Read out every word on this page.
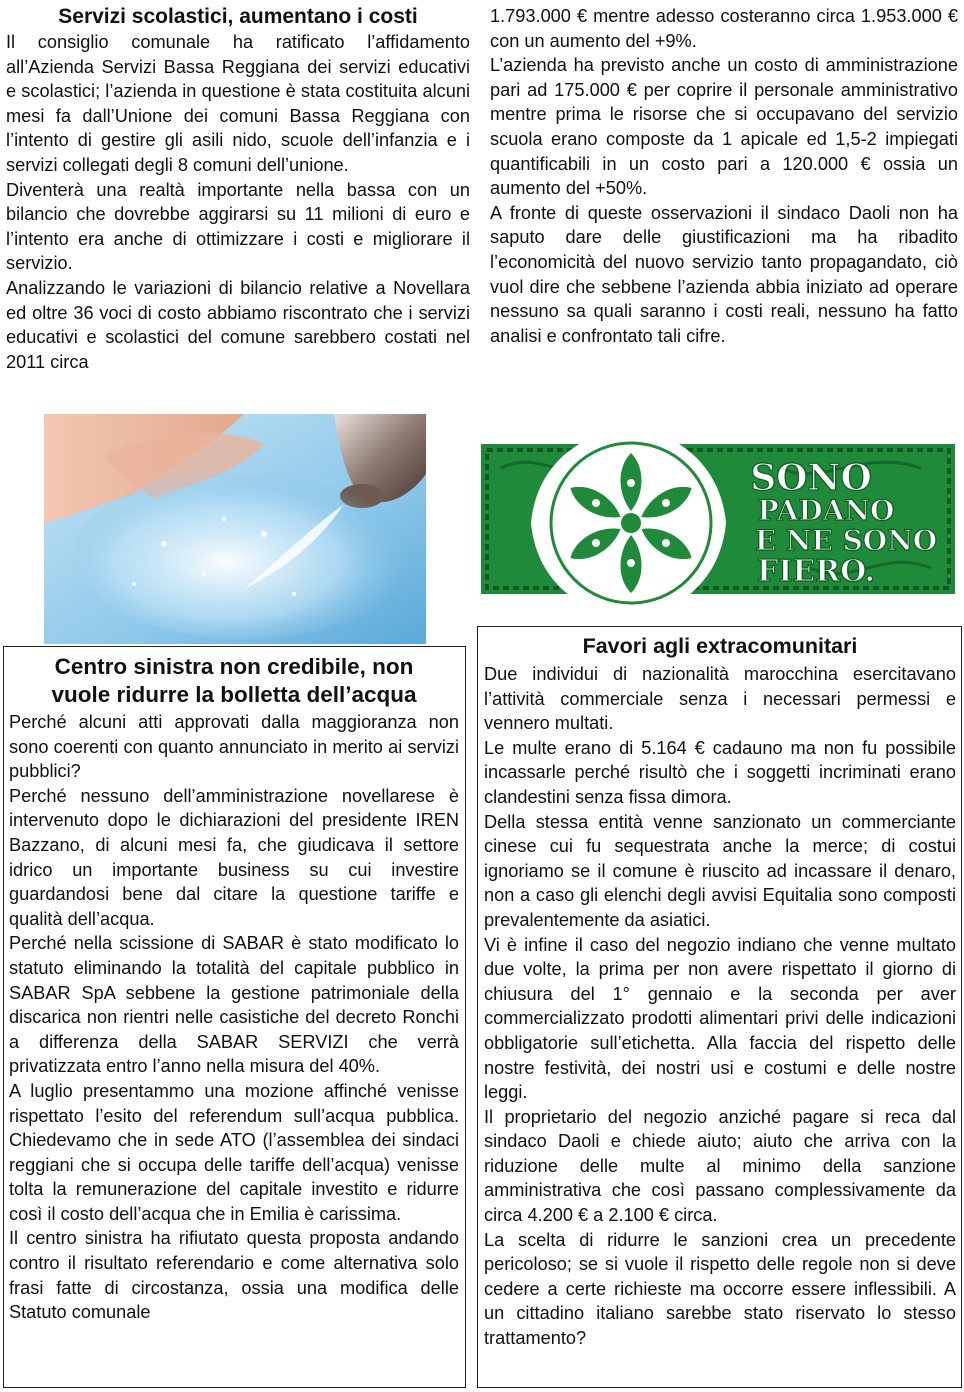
Servizi scolastici, aumentano i costi

Il consiglio comunale ha ratificato l’affidamento all’Azienda Servizi Bassa Reggiana dei servizi educativi e scolastici; l’azienda in questione è stata costituita alcuni mesi fa dall’Unione dei comuni Bassa Reggiana con l’intento di gestire gli asili nido, scuole dell’infanzia e i servizi collegati degli 8 comuni dell’unione.

Diventerà una realtà importante nella bassa con un bilancio che dovrebbe aggirarsi su 11 milioni di euro e l’intento era anche di ottimizzare i costi e migliorare il servizio.

Analizzando le variazioni di bilancio relative a Novellara ed oltre 36 voci di costo abbiamo riscontrato che i servizi educativi e scolastici del comune sarebbero costati nel 2011 circa

1.793.000 € mentre adesso costeranno circa 1.953.000 € con un aumento del +9%.

L’azienda ha previsto anche un costo di amministrazione pari ad 175.000 € per coprire il personale amministrativo mentre prima le risorse che si occupavano del servizio scuola erano composte da 1 apicale ed 1,5-2 impiegati quantificabili in un costo pari a 120.000 € ossia un aumento del +50%.

A fronte di queste osservazioni il sindaco Daoli non ha saputo dare delle giustificazioni ma ha ribadito l’economicità del nuovo servizio tanto propagandato, ciò vuol dire che sebbene l’azienda abbia iniziato ad operare nessuno sa quali saranno i costi reali, nessuno ha fatto analisi e confrontato tali cifre.

SONO
PADANO
E NE SONO
FIERO.
Centro sinistra non credibile, non
vuole ridurre la bolletta dell’acqua

Perché alcuni atti approvati dalla maggioranza non sono coerenti con quanto annunciato in merito ai servizi pubblici?

Perché nessuno dell’amministrazione novellarese è intervenuto dopo le dichiarazioni del presidente IREN Bazzano, di alcuni mesi fa, che giudicava il settore idrico un importante business su cui investire guardandosi bene dal citare la questione tariffe e qualità dell’acqua.

Perché nella scissione di SABAR è stato modificato lo statuto eliminando la totalità del capitale pubblico in SABAR SpA sebbene la gestione patrimoniale della discarica non rientri nelle casistiche del decreto Ronchi a differenza della SABAR SERVIZI che verrà privatizzata entro l’anno nella misura del 40%.

A luglio presentammo una mozione affinché venisse rispettato l’esito del referendum sull’acqua pubblica. Chiedevamo che in sede ATO (l’assemblea dei sindaci reggiani che si occupa delle tariffe dell’acqua) venisse tolta la remunerazione del capitale investito e ridurre così il costo dell’acqua che in Emilia è carissima.

Il centro sinistra ha rifiutato questa proposta andando contro il risultato referendario e come alternativa solo frasi fatte di circostanza, ossia una modifica delle Statuto comunale

Favori agli extracomunitari

Due individui di nazionalità marocchina esercitavano l’attività commerciale senza i necessari permessi e vennero multati.

Le multe erano di 5.164 € cadauno ma non fu possibile incassarle perché risultò che i soggetti incriminati erano clandestini senza fissa dimora.

Della stessa entità venne sanzionato un commerciante cinese cui fu sequestrata anche la merce; di costui ignoriamo se il comune è riuscito ad incassare il denaro, non a caso gli elenchi degli avvisi Equitalia sono composti prevalentemente da asiatici.

Vi è infine il caso del negozio indiano che venne multato due volte, la prima per non avere rispettato il giorno di chiusura del 1° gennaio e la seconda per aver commercializzato prodotti alimentari privi delle indicazioni obbligatorie sull’etichetta. Alla faccia del rispetto delle nostre festività, dei nostri usi e costumi e delle nostre leggi.

Il proprietario del negozio anziché pagare si reca dal sindaco Daoli e chiede aiuto; aiuto che arriva con la riduzione delle multe al minimo della sanzione amministrativa che così passano complessivamente da circa 4.200 € a 2.100 € circa.

La scelta di ridurre le sanzioni crea un precedente pericoloso; se si vuole il rispetto delle regole non si deve cedere a certe richieste ma occorre essere inflessibili. A un cittadino italiano sarebbe stato riservato lo stesso trattamento?
